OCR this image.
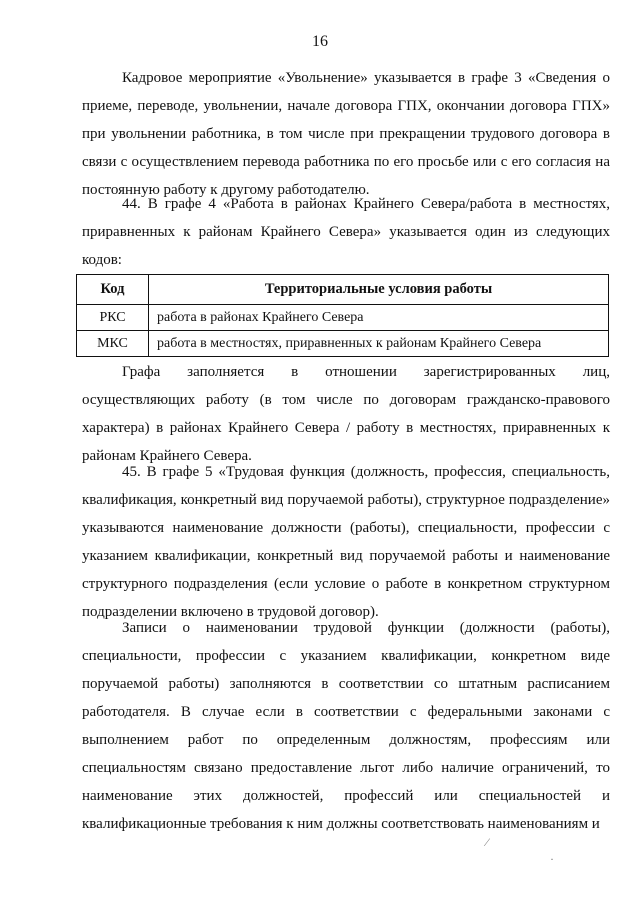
16

Кадровое мероприятие «Увольнение» указывается в графе 3 «Сведения о приеме, переводе, увольнении, начале договора ГПХ, окончании договора ГПХ» при увольнении работника, в том числе при прекращении трудового договора в связи с осуществлением перевода работника по его просьбе или с его согласия на постоянную работу к другому работодателю.

44. В графе 4 «Работа в районах Крайнего Севера/работа в местностях, приравненных к районам Крайнего Севера» указывается один из следующих кодов:

Код	Территориальные условия работы
РКС	работа в районах Крайнего Севера
МКС	работа в местностях, приравненных к районам Крайнего Севера

Графа заполняется в отношении зарегистрированных лиц, осуществляющих работу (в том числе по договорам гражданско-правового характера) в районах Крайнего Севера / работу в местностях, приравненных к районам Крайнего Севера.

45. В графе 5 «Трудовая функция (должность, профессия, специальность, квалификация, конкретный вид поручаемой работы), структурное подразделение» указываются наименование должности (работы), специальности, профессии с указанием квалификации, конкретный вид поручаемой работы и наименование структурного подразделения (если условие о работе в конкретном структурном подразделении включено в трудовой договор).

Записи о наименовании трудовой функции (должности (работы), специальности, профессии с указанием квалификации, конкретном виде поручаемой работы) заполняются в соответствии со штатным расписанием работодателя. В случае если в соответствии с федеральными законами с выполнением работ по определенным должностям, профессиям или специальностям связано предоставление льгот либо наличие ограничений, то наименование этих должностей, профессий или специальностей и квалификационные требования к ним должны соответствовать наименованиям и

⁄
·
